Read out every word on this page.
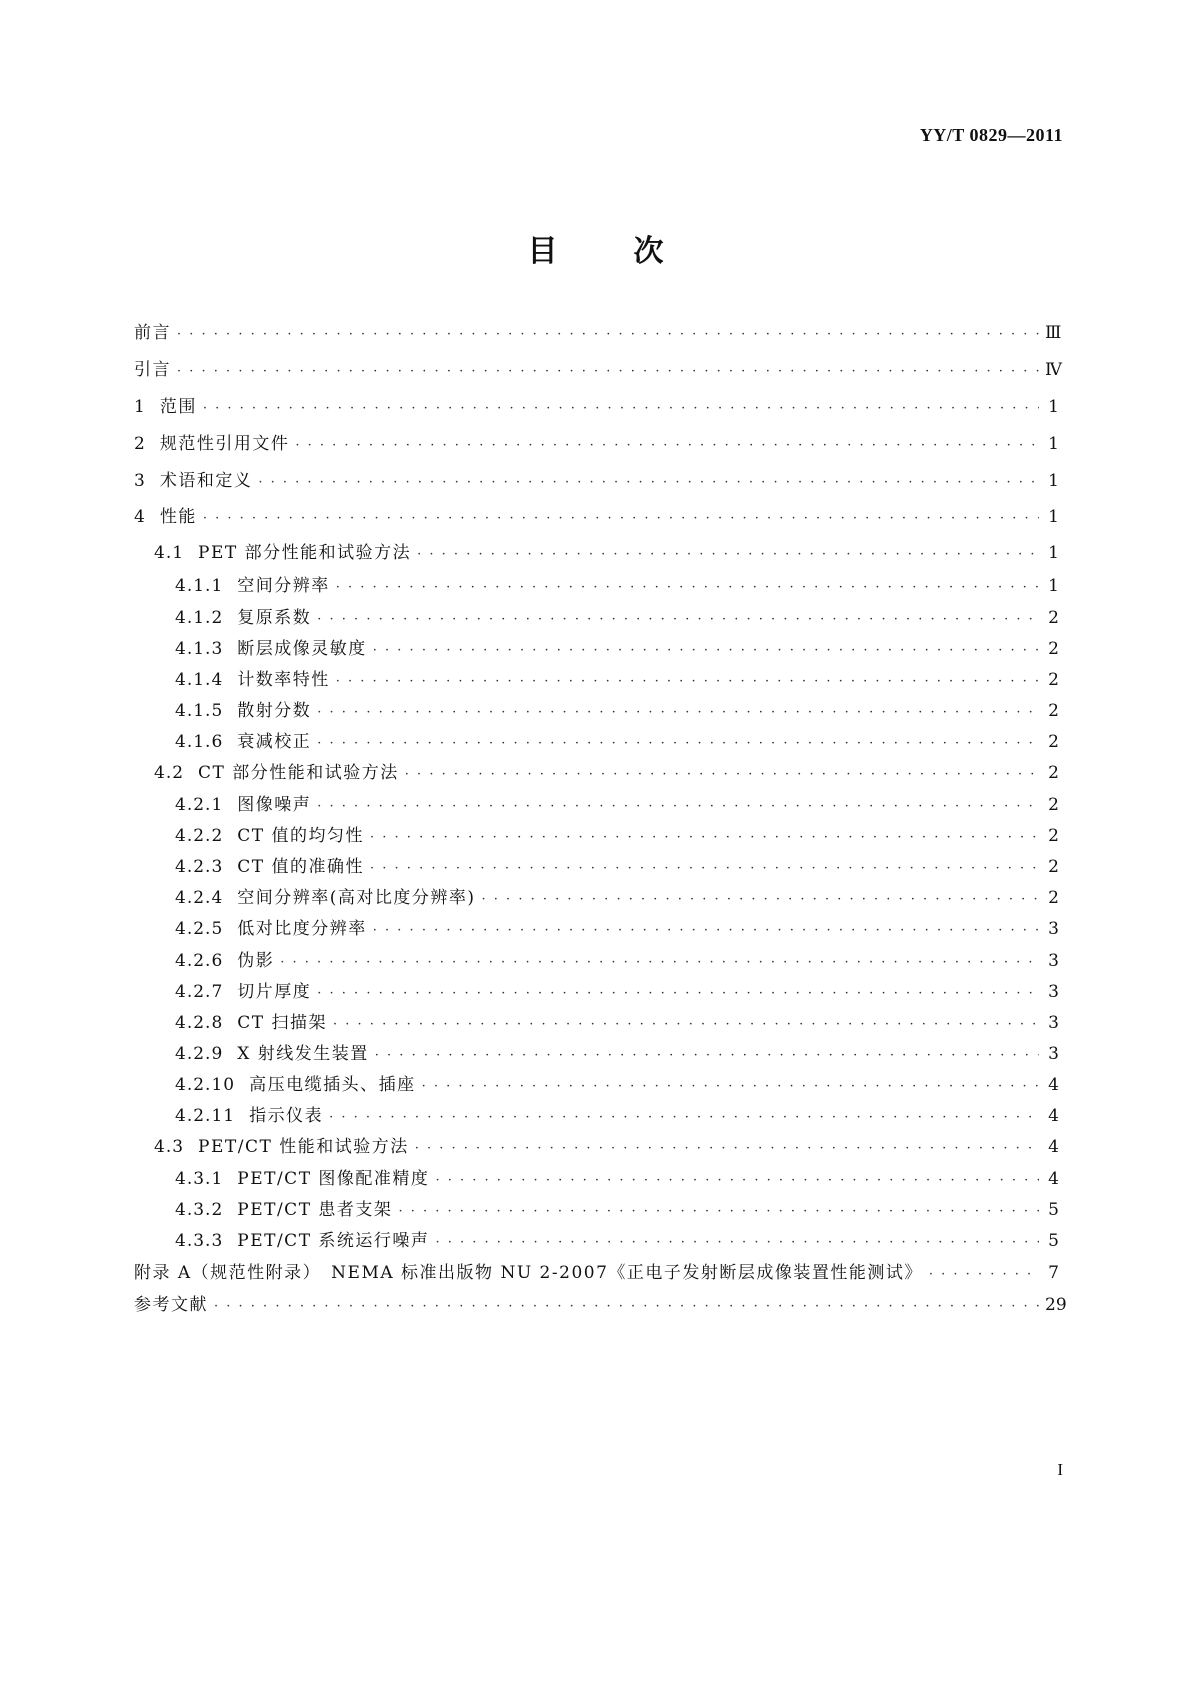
YY/T 0829—2011
目	次
前言 · · ·	Ⅲ
引言 · · ·	Ⅳ
1 范围 · · ·	1
2 规范性引用文件 · · ·	1
3 术语和定义 · · ·	1
4 性能 · · ·	1
4.1 PET 部分性能和试验方法 · · ·	1
4.1.1 空间分辨率 · · ·	1
4.1.2 复原系数 · · ·	2
4.1.3 断层成像灵敏度 · · ·	2
4.1.4 计数率特性 · · ·	2
4.1.5 散射分数 · · ·	2
4.1.6 衰减校正 · · ·	2
4.2 CT 部分性能和试验方法 · · ·	2
4.2.1 图像噪声 · · ·	2
4.2.2 CT 值的均匀性 · · ·	2
4.2.3 CT 值的准确性 · · ·	2
4.2.4 空间分辨率(高对比度分辨率) · · ·	2
4.2.5 低对比度分辨率 · · ·	3
4.2.6 伪影 · · ·	3
4.2.7 切片厚度 · · ·	3
4.2.8 CT 扫描架 · · ·	3
4.2.9 X 射线发生装置 · · ·	3
4.2.10 高压电缆插头、插座 · · ·	4
4.2.11 指示仪表 · · ·	4
4.3 PET/CT 性能和试验方法 · · ·	4
4.3.1 PET/CT 图像配准精度 · · ·	4
4.3.2 PET/CT 患者支架 · · ·	5
4.3.3 PET/CT 系统运行噪声 · · ·	5
附录 A（规范性附录）　NEMA 标准出版物 NU 2-2007《正电子发射断层成像装置性能测试》 · · ·	7
参考文献 · · ·	29
I
